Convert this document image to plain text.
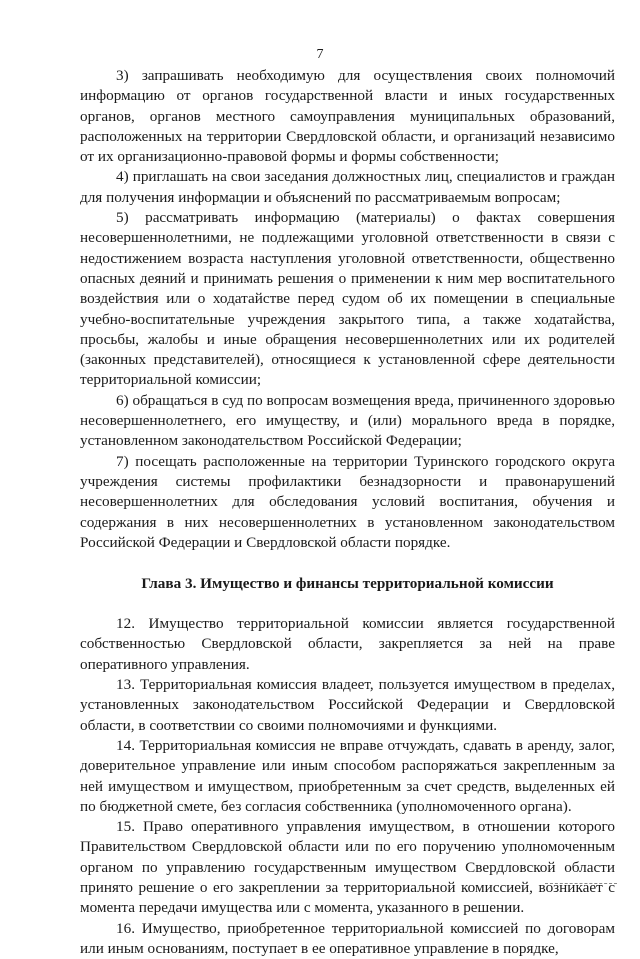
7

3) запрашивать необходимую для осуществления своих полномочий информацию от органов государственной власти и иных государственных органов, органов местного самоуправления муниципальных образований, расположенных на территории Свердловской области, и организаций независимо от их организационно-правовой формы и формы собственности;

4) приглашать на свои заседания должностных лиц, специалистов и граждан для получения информации и объяснений по рассматриваемым вопросам;

5) рассматривать информацию (материалы) о фактах совершения несовершеннолетними, не подлежащими уголовной ответственности в связи с недостижением возраста наступления уголовной ответственности, общественно опасных деяний и принимать решения о применении к ним мер воспитательного воздействия или о ходатайстве перед судом об их помещении в специальные учебно-воспитательные учреждения закрытого типа, а также ходатайства, просьбы, жалобы и иные обращения несовершеннолетних или их родителей (законных представителей), относящиеся к установленной сфере деятельности территориальной комиссии;

6) обращаться в суд по вопросам возмещения вреда, причиненного здоровью несовершеннолетнего, его имуществу, и (или) морального вреда в порядке, установленном законодательством Российской Федерации;

7) посещать расположенные на территории Туринского городского округа учреждения системы профилактики безнадзорности и правонарушений несовершеннолетних для обследования условий воспитания, обучения и содержания в них несовершеннолетних в установленном законодательством Российской Федерации и Свердловской области порядке.

Глава 3. Имущество и финансы территориальной комиссии

12. Имущество территориальной комиссии является государственной собственностью Свердловской области, закрепляется за ней на праве оперативного управления.

13. Территориальная комиссия владеет, пользуется имуществом в пределах, установленных законодательством Российской Федерации и Свердловской области, в соответствии со своими полномочиями и функциями.

14. Территориальная комиссия не вправе отчуждать, сдавать в аренду, залог, доверительное управление или иным способом распоряжаться закрепленным за ней имуществом и имуществом, приобретенным за счет средств, выделенных ей по бюджетной смете, без согласия собственника (уполномоченного органа).

15. Право оперативного управления имуществом, в отношении которого Правительством Свердловской области или по его поручению уполномоченным органом по управлению государственным имуществом Свердловской области принято решение о его закреплении за территориальной комиссией, возникает с момента передачи имущества или с момента, указанного в решении.

16. Имущество, приобретенное территориальной комиссией по договорам или иным основаниям, поступает в ее оперативное управление в порядке,
